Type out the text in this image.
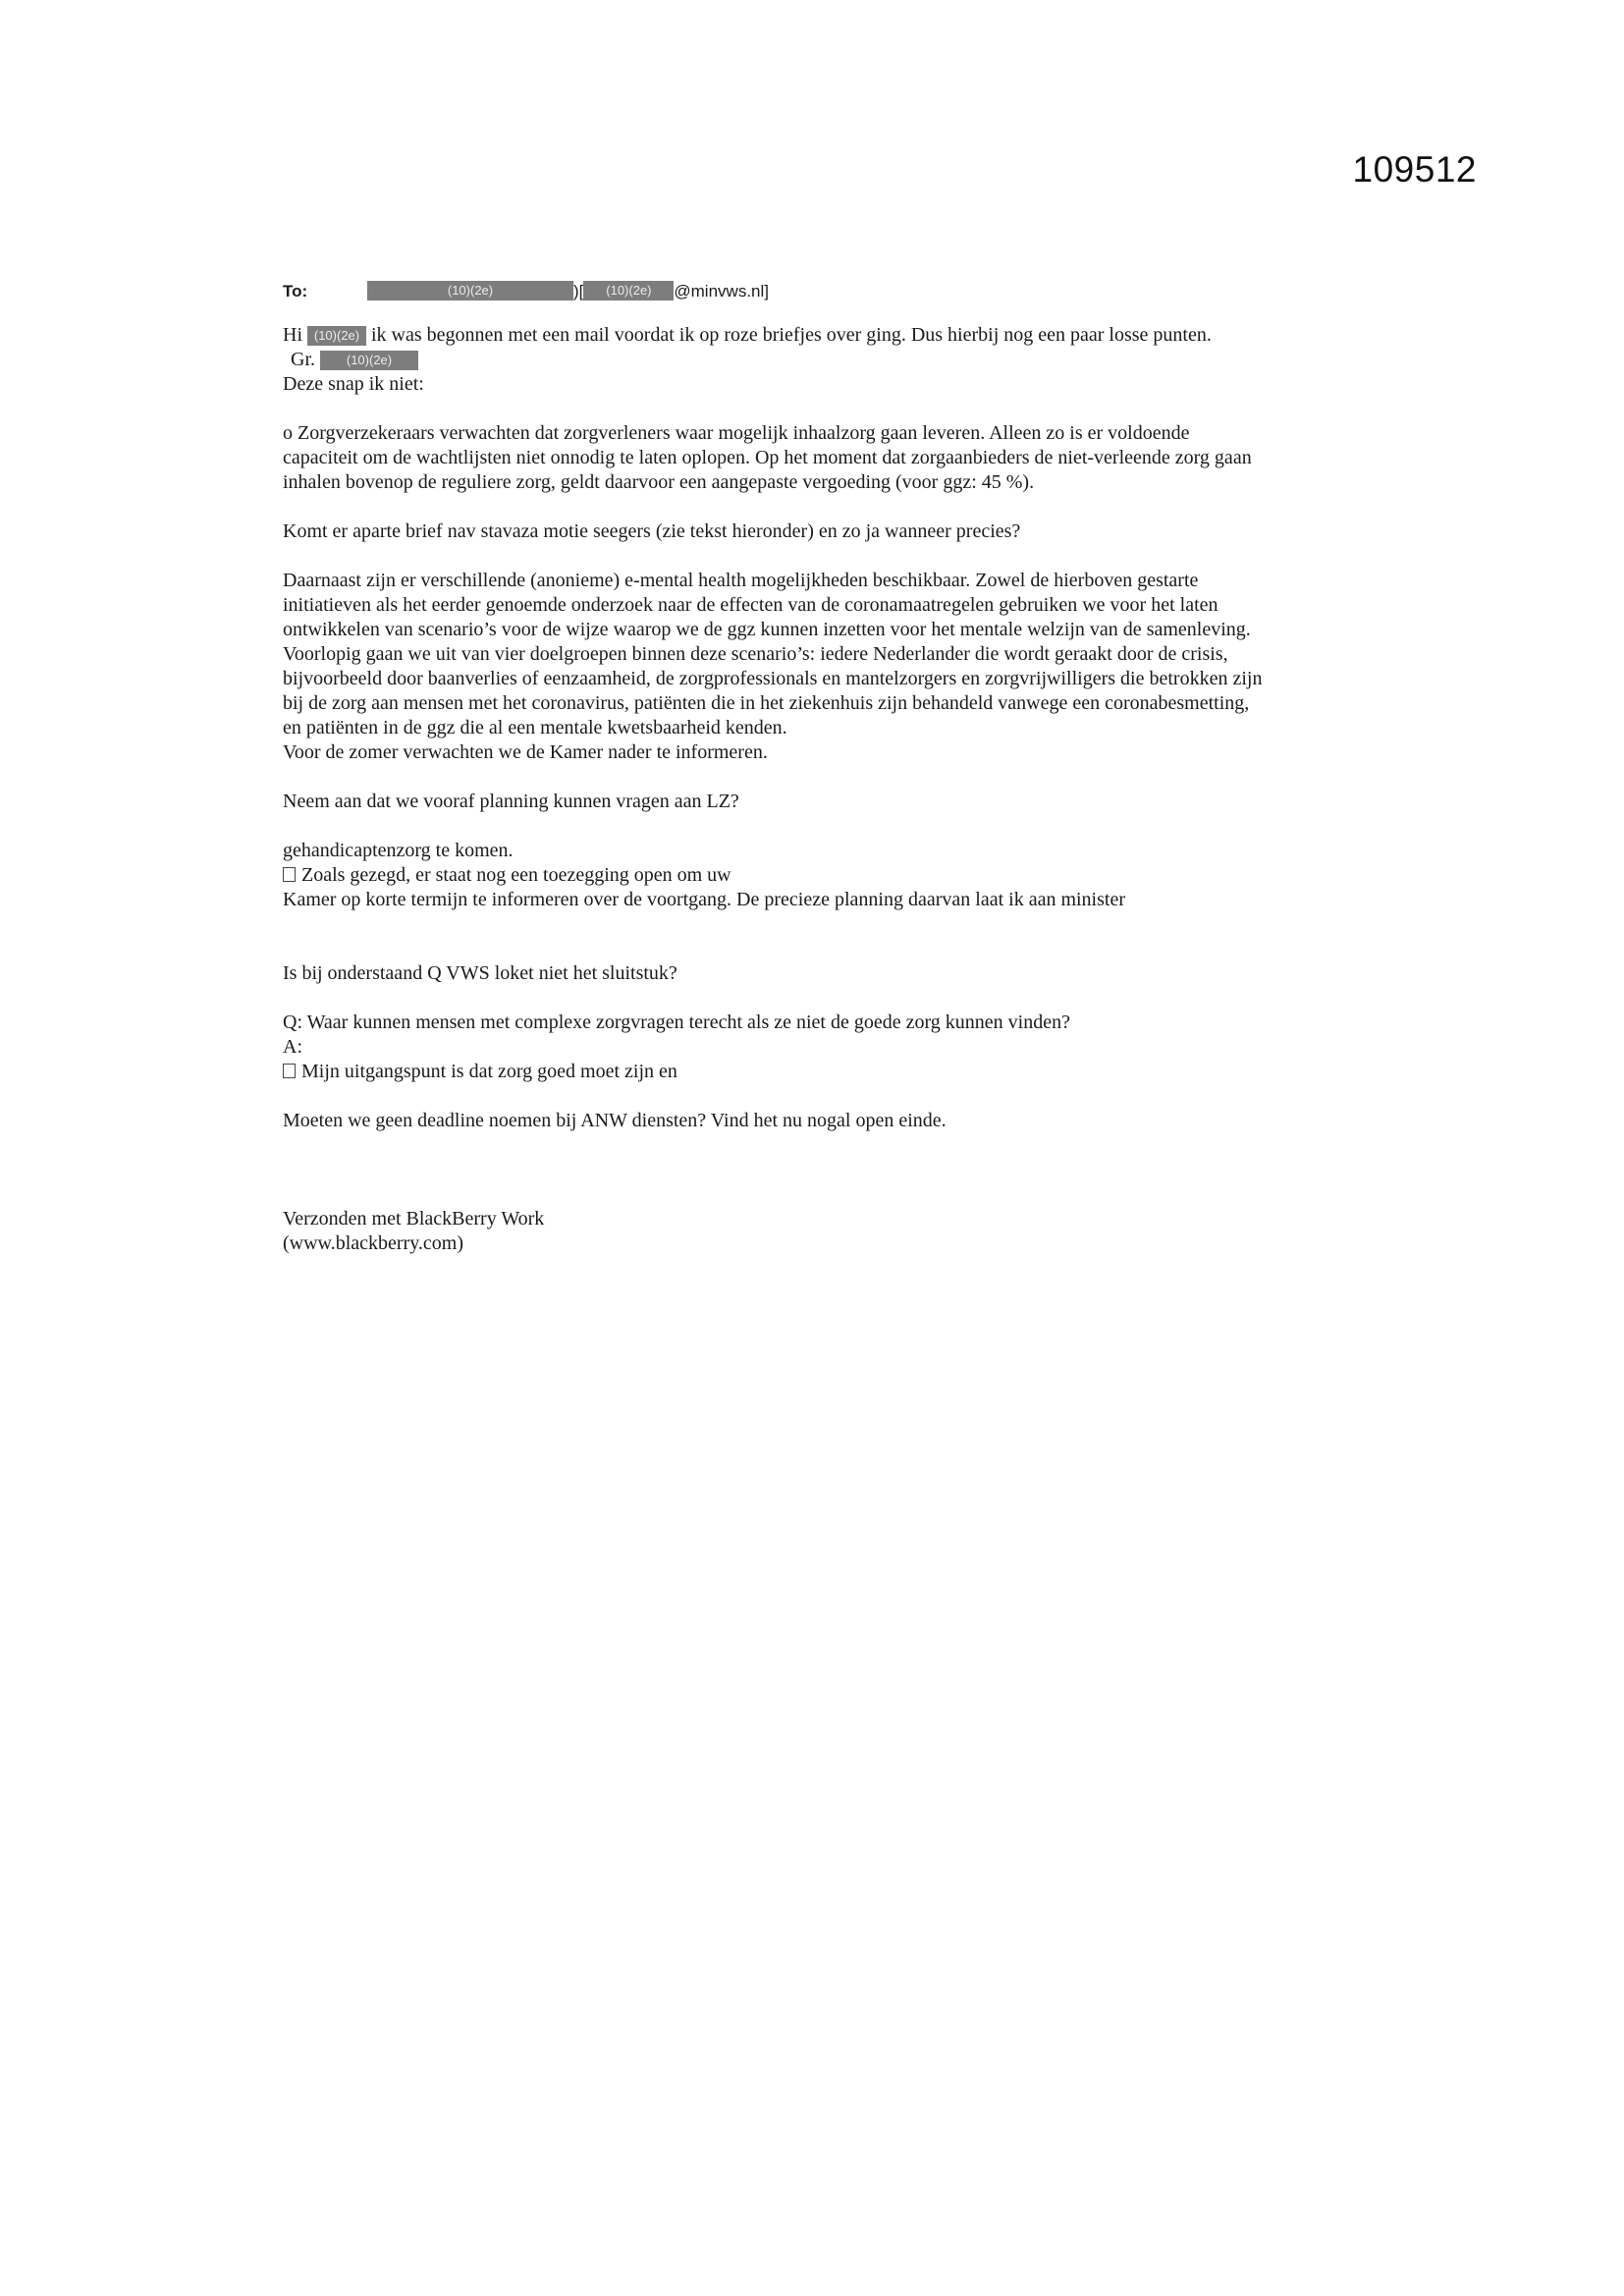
109512
To:	(10)(2e)	)[	(10)(2e)	@minvws.nl]
Hi (10)(2e) ik was begonnen met een mail voordat ik op roze briefjes over ging. Dus hierbij nog een paar losse punten.
Gr. (10)(2e)
Deze snap ik niet:
o Zorgverzekeraars verwachten dat zorgverleners waar mogelijk inhaalzorg gaan leveren. Alleen zo is er voldoende
capaciteit om de wachtlijsten niet onnodig te laten oplopen. Op het moment dat zorgaanbieders de niet-verleende zorg gaan
inhalen bovenop de reguliere zorg, geldt daarvoor een aangepaste vergoeding (voor ggz: 45 %).
Komt er aparte brief nav stavaza motie seegers (zie tekst hieronder) en zo ja wanneer precies?
Daarnaast zijn er verschillende (anonieme) e-mental health mogelijkheden beschikbaar. Zowel de hierboven gestarte
initiatieven als het eerder genoemde onderzoek naar de effecten van de coronamaatregelen gebruiken we voor het laten
ontwikkelen van scenario’s voor de wijze waarop we de ggz kunnen inzetten voor het mentale welzijn van de samenleving.
Voorlopig gaan we uit van vier doelgroepen binnen deze scenario’s: iedere Nederlander die wordt geraakt door de crisis,
bijvoorbeeld door baanverlies of eenzaamheid, de zorgprofessionals en mantelzorgers en zorgvrijwilligers die betrokken zijn
bij de zorg aan mensen met het coronavirus, patiënten die in het ziekenhuis zijn behandeld vanwege een coronabesmetting,
en patiënten in de ggz die al een mentale kwetsbaarheid kenden.
Voor de zomer verwachten we de Kamer nader te informeren.
Neem aan dat we vooraf planning kunnen vragen aan LZ?
gehandicaptenzorg te komen.
Zoals gezegd, er staat nog een toezegging open om uw
Kamer op korte termijn te informeren over de voortgang. De precieze planning daarvan laat ik aan minister
Is bij onderstaand Q VWS loket niet het sluitstuk?
Q: Waar kunnen mensen met complexe zorgvragen terecht als ze niet de goede zorg kunnen vinden?
A:
Mijn uitgangspunt is dat zorg goed moet zijn en
Moeten we geen deadline noemen bij ANW diensten? Vind het nu nogal open einde.
Verzonden met BlackBerry Work
(www.blackberry.com)
